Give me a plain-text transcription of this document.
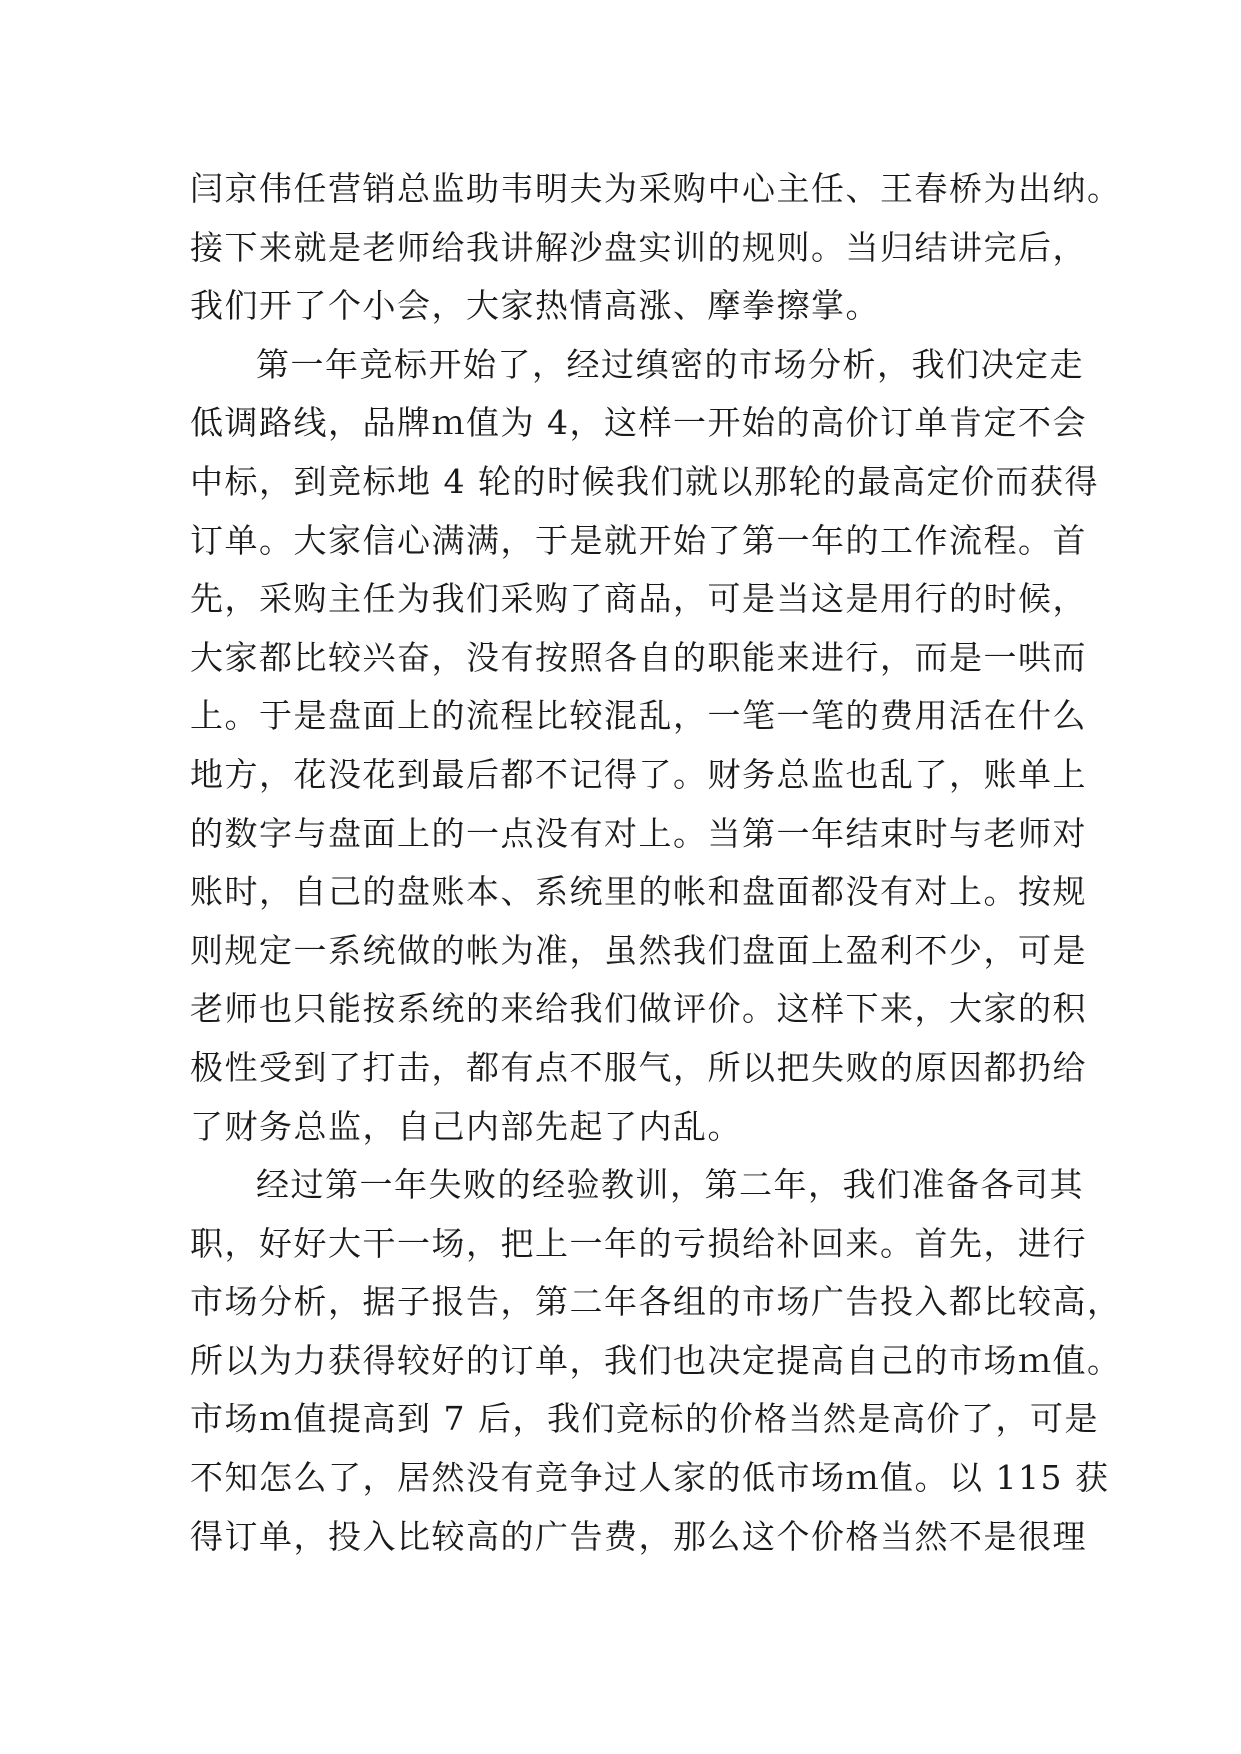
闫京伟任营销总监助韦明夫为采购中心主任、王春桥为出纳。
接下来就是老师给我讲解沙盘实训的规则。当归结讲完后，
我们开了个小会，大家热情高涨、摩拳擦掌。
第一年竞标开始了，经过缜密的市场分析，我们决定走
低调路线，品牌ｍ值为 4，这样一开始的高价订单肯定不会
中标，到竞标地 4 轮的时候我们就以那轮的最高定价而获得
订单。大家信心满满，于是就开始了第一年的工作流程。首
先，采购主任为我们采购了商品，可是当这是用行的时候，
大家都比较兴奋，没有按照各自的职能来进行，而是一哄而
上。于是盘面上的流程比较混乱，一笔一笔的费用活在什么
地方，花没花到最后都不记得了。财务总监也乱了，账单上
的数字与盘面上的一点没有对上。当第一年结束时与老师对
账时，自己的盘账本、系统里的帐和盘面都没有对上。按规
则规定一系统做的帐为准，虽然我们盘面上盈利不少，可是
老师也只能按系统的来给我们做评价。这样下来，大家的积
极性受到了打击，都有点不服气，所以把失败的原因都扔给
了财务总监，自己内部先起了内乱。
经过第一年失败的经验教训，第二年，我们准备各司其
职，好好大干一场，把上一年的亏损给补回来。首先，进行
市场分析，据子报告，第二年各组的市场广告投入都比较高，
所以为力获得较好的订单，我们也决定提高自己的市场ｍ值。
市场ｍ值提高到 7 后，我们竞标的价格当然是高价了，可是
不知怎么了，居然没有竞争过人家的低市场ｍ值。以 115 获
得订单，投入比较高的广告费，那么这个价格当然不是很理
